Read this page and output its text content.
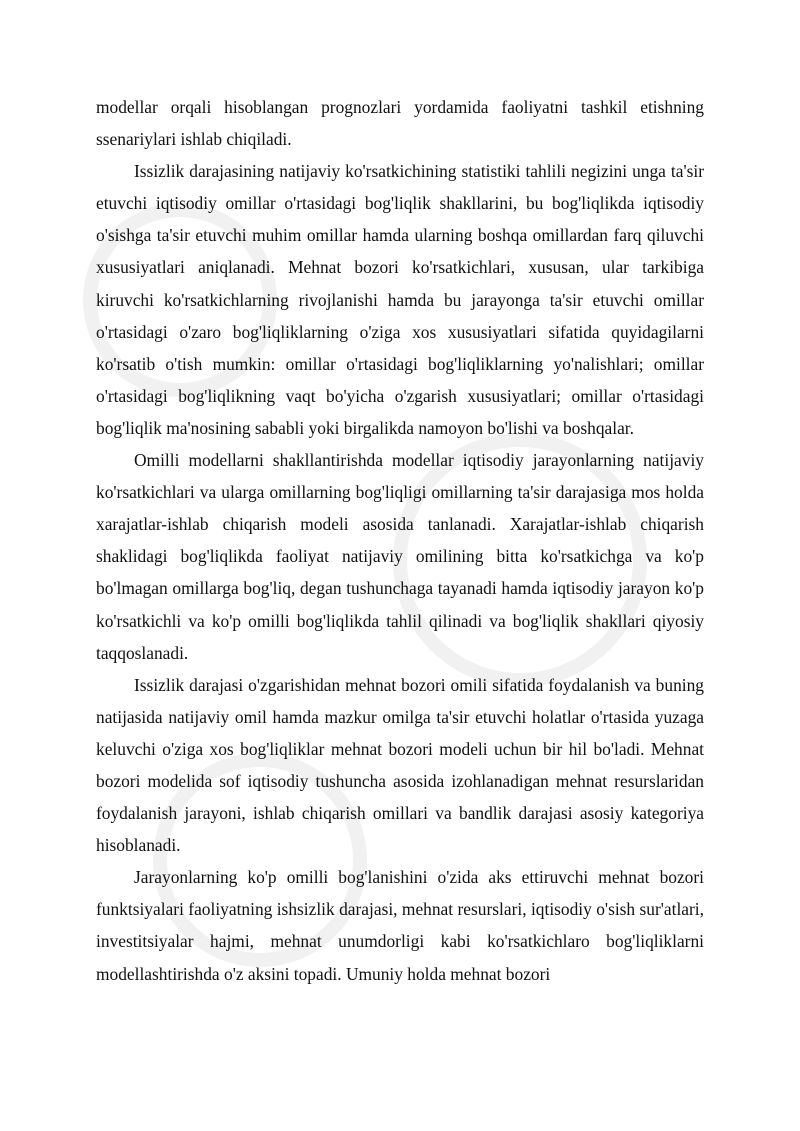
modellar orqali hisoblangan prognozlari yordamida faoliyatni tashkil etishning ssenariylari ishlab chiqiladi.

Issizlik darajasining natijaviy ko'rsatkichining statistiki tahlili negizini unga ta'sir etuvchi iqtisodiy omillar o'rtasidagi bog'liqlik shakllarini, bu bog'liqlikda iqtisodiy o'sishga ta'sir etuvchi muhim omillar hamda ularning boshqa omillardan farq qiluvchi xususiyatlari aniqlanadi. Mehnat bozori ko'rsatkichlari, xususan, ular tarkibiga kiruvchi ko'rsatkichlarning rivojlanishi hamda bu jarayonga ta'sir etuvchi omillar o'rtasidagi o'zaro bog'liqliklarning o'ziga xos xususiyatlari sifatida quyidagilarni ko'rsatib o'tish mumkin: omillar o'rtasidagi bog'liqliklarning yo'nalishlari; omillar o'rtasidagi bog'liqlikning vaqt bo'yicha o'zgarish xususiyatlari; omillar o'rtasidagi bog'liqlik ma'nosining sababli yoki birgalikda namoyon bo'lishi va boshqalar.

Omilli modellarni shakllantirishda modellar iqtisodiy jarayonlarning natijaviy ko'rsatkichlari va ularga omillarning bog'liqligi omillarning ta'sir darajasiga mos holda xarajatlar-ishlab chiqarish modeli asosida tanlanadi. Xarajatlar-ishlab chiqarish shaklidagi bog'liqlikda faoliyat natijaviy omilining bitta ko'rsatkichga va ko'p bo'lmagan omillarga bog'liq, degan tushunchaga tayanadi hamda iqtisodiy jarayon ko'p ko'rsatkichli va ko'p omilli bog'liqlikda tahlil qilinadi va bog'liqlik shakllari qiyosiy taqqoslanadi.

Issizlik darajasi o'zgarishidan mehnat bozori omili sifatida foydalanish va buning natijasida natijaviy omil hamda mazkur omilga ta'sir etuvchi holatlar o'rtasida yuzaga keluvchi o'ziga xos bog'liqliklar mehnat bozori modeli uchun bir hil bo'ladi. Mehnat bozori modelida sof iqtisodiy tushuncha asosida izohlanadigan mehnat resurslaridan foydalanish jarayoni, ishlab chiqarish omillari va bandlik darajasi asosiy kategoriya hisoblanadi.

Jarayonlarning ko'p omilli bog'lanishini o'zida aks ettiruvchi mehnat bozori funktsiyalari faoliyatning ishsizlik darajasi, mehnat resurslari, iqtisodiy o'sish sur'atlari, investitsiyalar hajmi, mehnat unumdorligi kabi ko'rsatkichlaro bog'liqliklarni modellashtirishda o'z aksini topadi. Umuniy holda mehnat bozori
